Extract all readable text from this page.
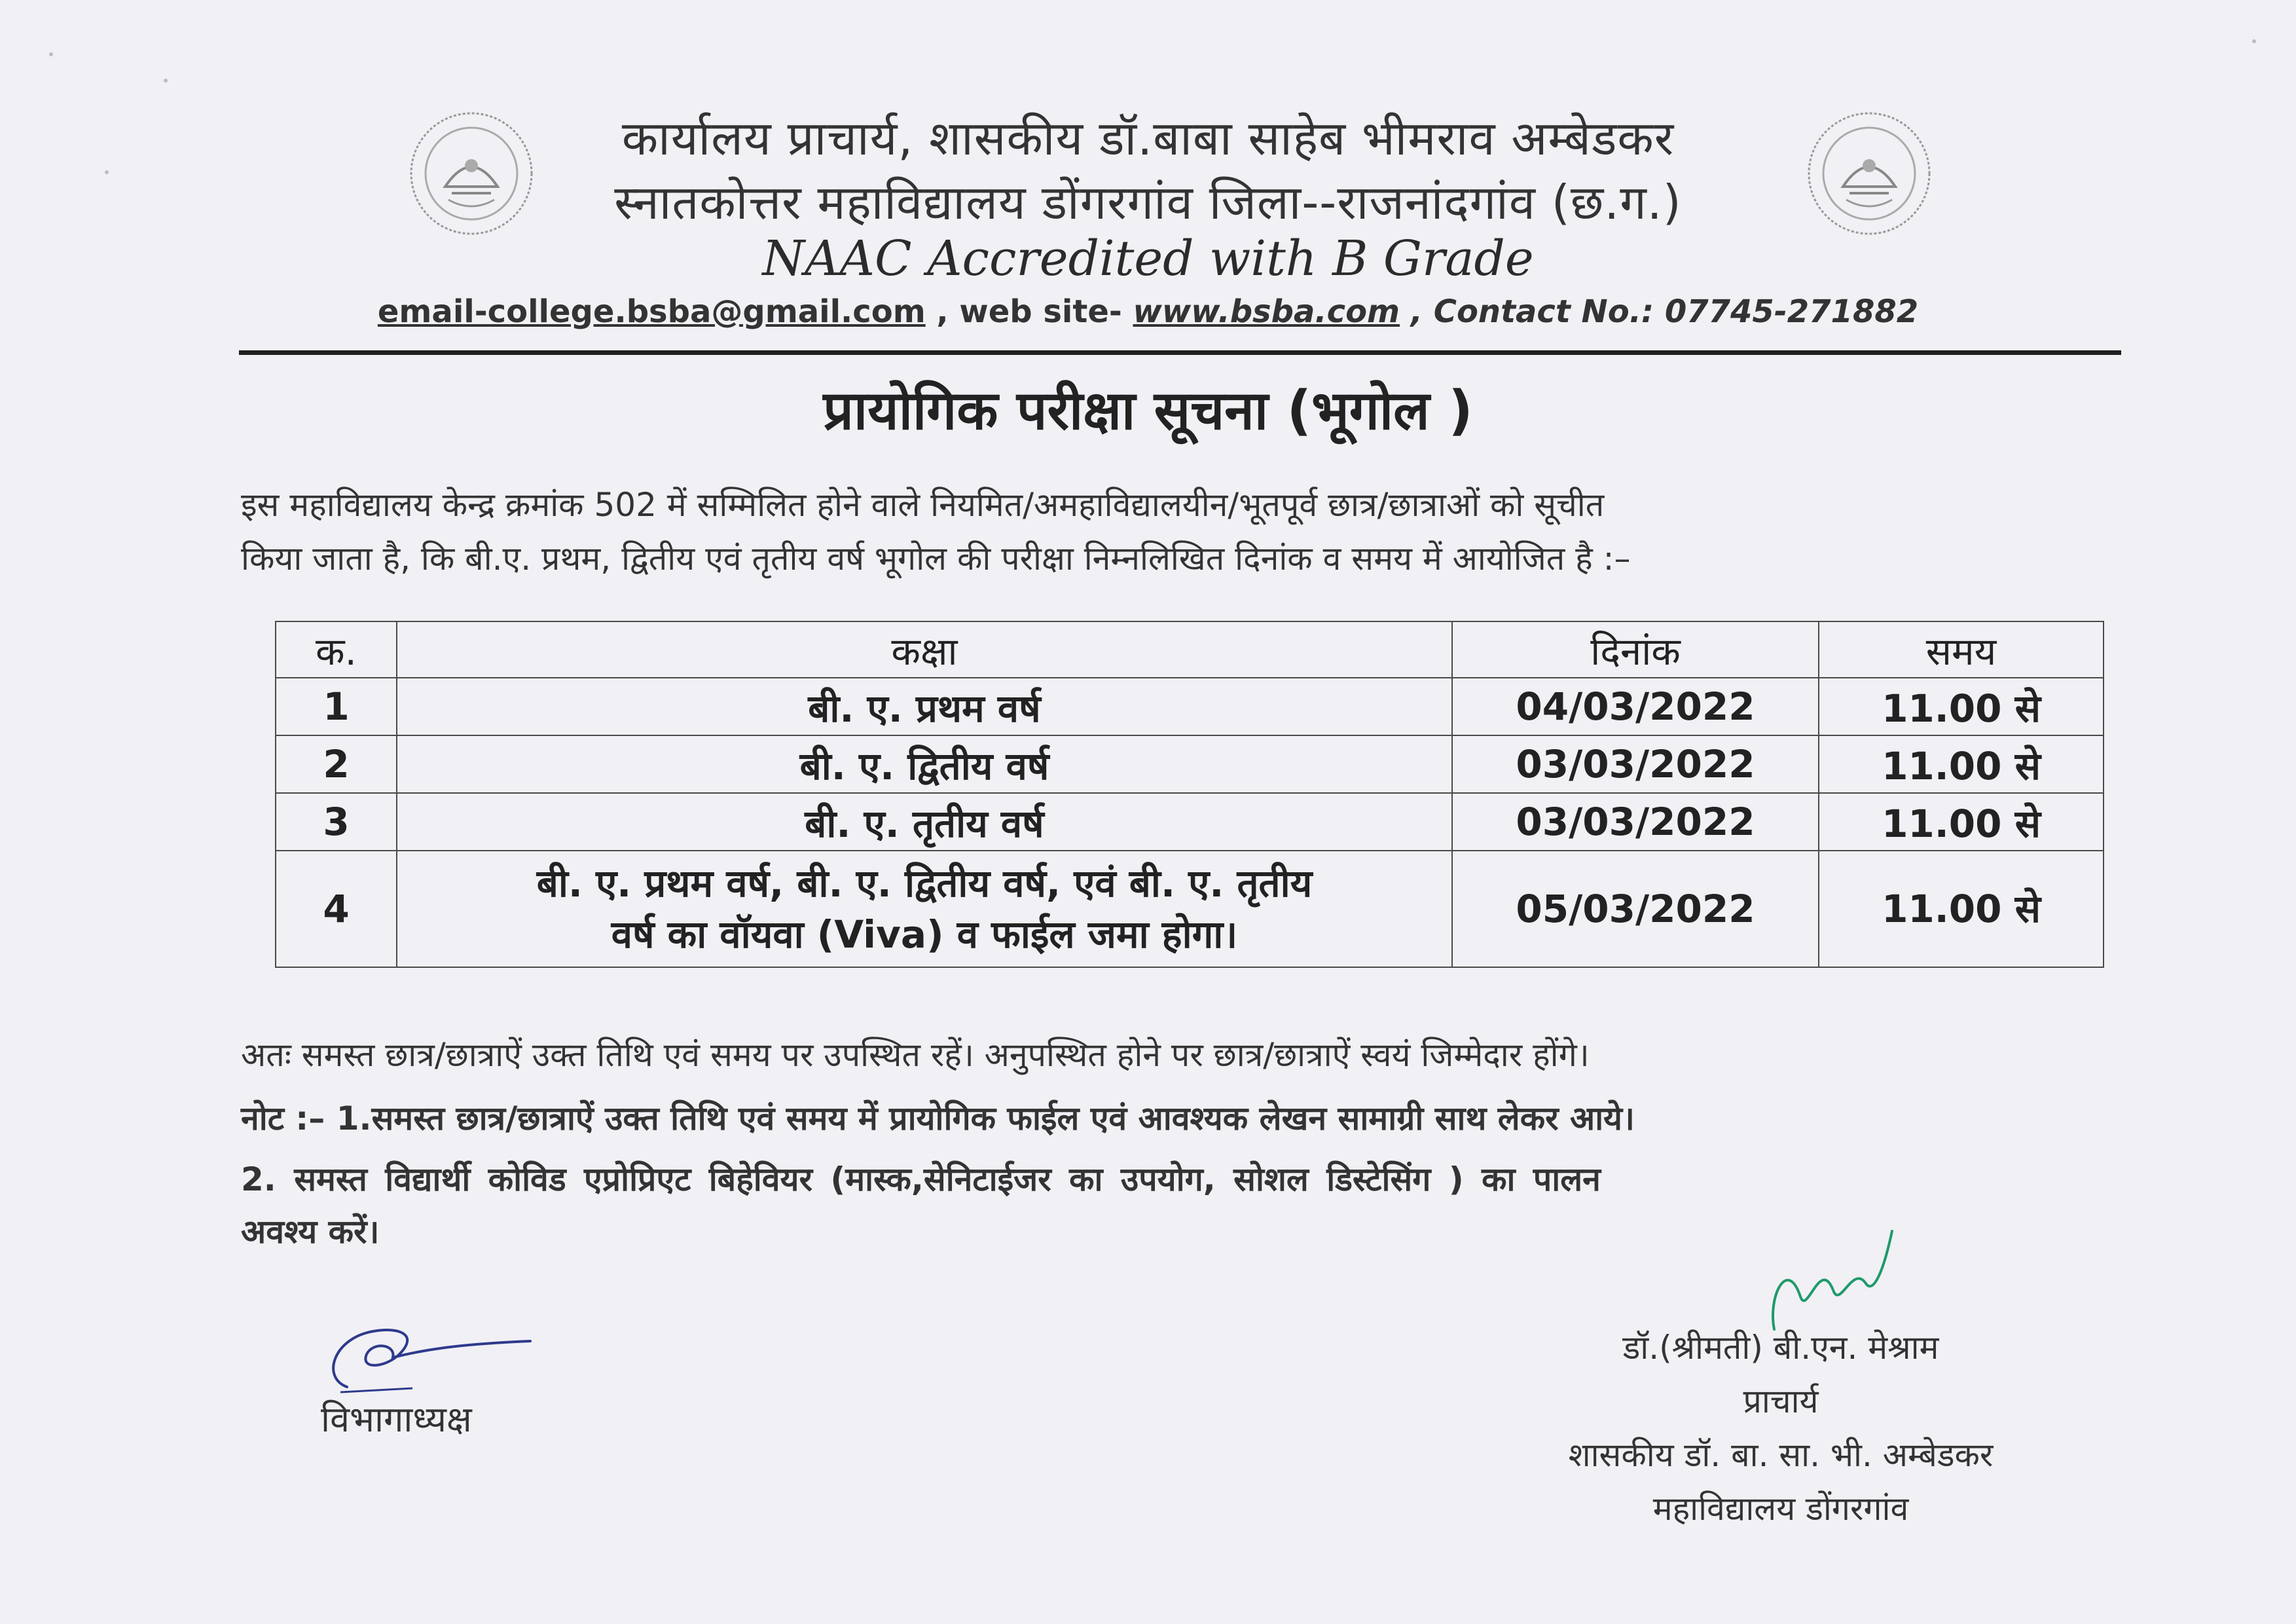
कार्यालय प्राचार्य, शासकीय डॉ.बाबा साहेब भीमराव अम्बेडकर
स्नातकोत्तर महाविद्यालय डोंगरगांव जिला--राजनांदगांव (छ.ग.)
NAAC Accredited with B Grade
email-college.bsba@gmail.com , web site- www.bsba.com , Contact No.: 07745-271882
प्रायोगिक परीक्षा सूचना (भूगोल )
इस महाविद्यालय केन्द्र क्रमांक 502 में सम्मिलित होने वाले नियमित/अमहाविद्यालयीन/भूतपूर्व छात्र/छात्राओं को सूचीत
किया जाता है, कि बी.ए. प्रथम, द्वितीय एवं तृतीय वर्ष भूगोल की परीक्षा निम्नलिखित दिनांक व समय में आयोजित है :–
क.	कक्षा	दिनांक	समय
1	बी. ए. प्रथम वर्ष	04/03/2022	11.00 से
2	बी. ए. द्वितीय वर्ष	03/03/2022	11.00 से
3	बी. ए. तृतीय वर्ष	03/03/2022	11.00 से
4	बी. ए. प्रथम वर्ष, बी. ए. द्वितीय वर्ष, एवं बी. ए. तृतीय
वर्ष का वॉयवा (Viva) व फाईल जमा होगा।	05/03/2022	11.00 से
अतः समस्त छात्र/छात्राऐं उक्त तिथि एवं समय पर उपस्थित रहें। अनुपस्थित होने पर छात्र/छात्राऐं स्वयं जिम्मेदार होंगे।
नोट :– 1.समस्त छात्र/छात्राऐं उक्त तिथि एवं समय में प्रायोगिक फाईल एवं आवश्यक लेखन सामाग्री साथ लेकर आये।
2. समस्त विद्यार्थी कोविड एप्रोप्रिएट बिहेवियर (मास्क,सेनिटाईजर का उपयोग, सोशल डिस्टेसिंग ) का पालन
अवश्य करें।
विभागाध्यक्ष
डॉ.(श्रीमती) बी.एन. मेश्राम
प्राचार्य
शासकीय डॉ. बा. सा. भी. अम्बेडकर
महाविद्यालय डोंगरगांव
